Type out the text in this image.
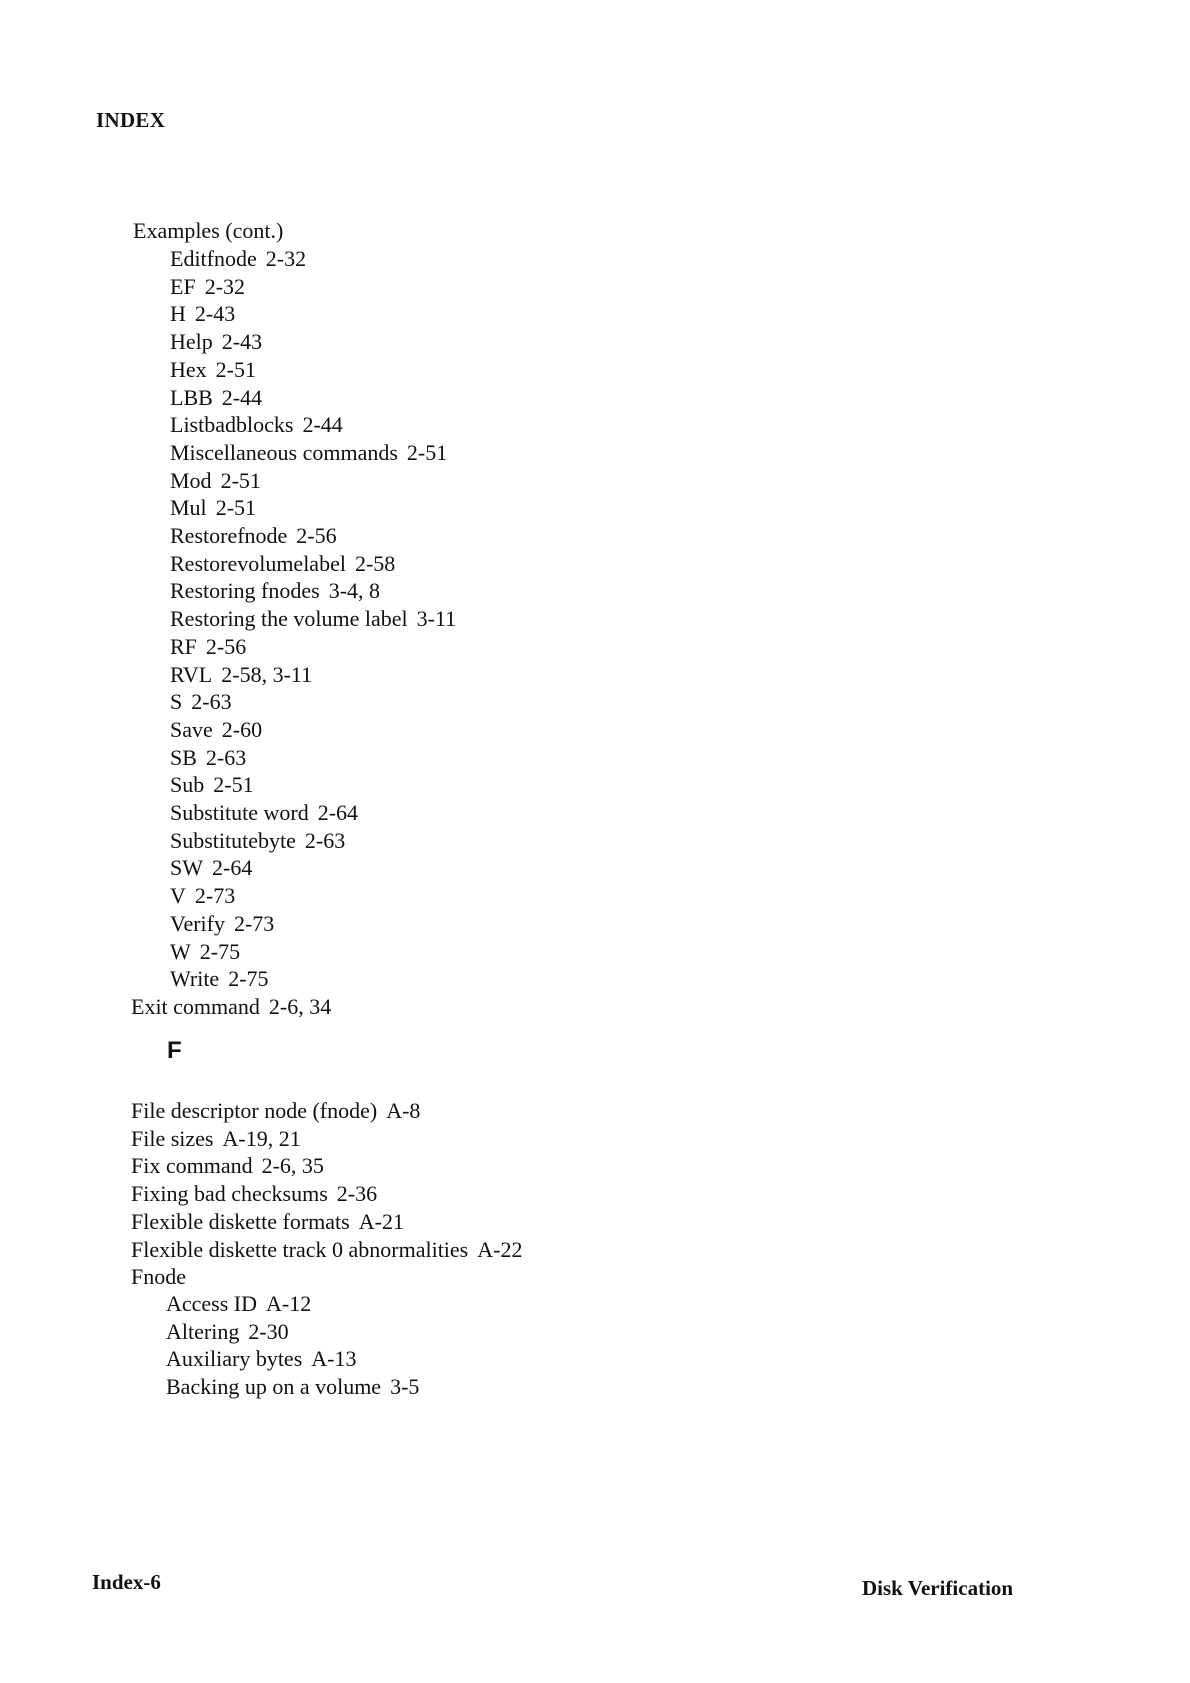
INDEX
Examples (cont.)
Editfnode 2-32
EF 2-32
H 2-43
Help 2-43
Hex 2-51
LBB 2-44
Listbadblocks 2-44
Miscellaneous commands 2-51
Mod 2-51
Mul 2-51
Restorefnode 2-56
Restorevolumelabel 2-58
Restoring fnodes 3-4, 8
Restoring the volume label 3-11
RF 2-56
RVL 2-58, 3-11
S 2-63
Save 2-60
SB 2-63
Sub 2-51
Substitute word 2-64
Substitutebyte 2-63
SW 2-64
V 2-73
Verify 2-73
W 2-75
Write 2-75
Exit command 2-6, 34
F
File descriptor node (fnode) A-8
File sizes A-19, 21
Fix command 2-6, 35
Fixing bad checksums 2-36
Flexible diskette formats A-21
Flexible diskette track 0 abnormalities A-22
Fnode
Access ID A-12
Altering 2-30
Auxiliary bytes A-13
Backing up on a volume 3-5
Index-6	Disk Verification
